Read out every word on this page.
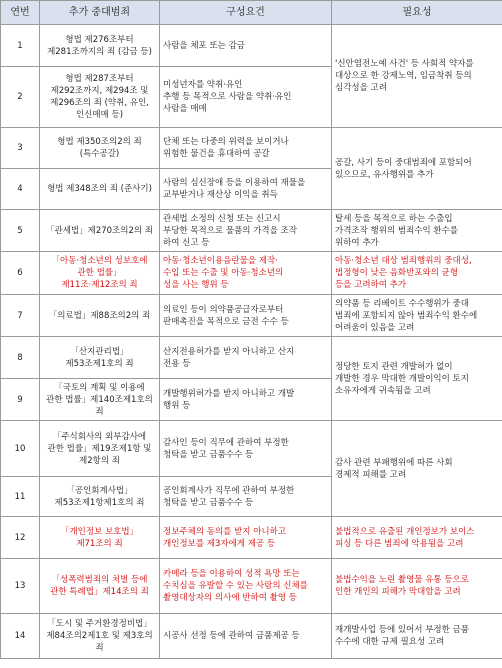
연번	추가 중대범죄	구성요건	필요성
1	형법 제276조부터
제281조까지의 죄 (감금 등)	사람을 체포 또는 감금	'신안염전노예 사건' 등 사회적 약자를
대상으로 한 강제노역, 임금착취 등의
심각성을 고려
2	형법 제287조부터
제292조까지, 제294조 및
제296조의 죄 (약취, 유인,
인신매매 등)	미성년자를 약취·유인
추행 등 목적으로 사람을 약취·유인
사람을 매매	
3	형법 제350조의2의 죄
(특수공갈)	단체 또는 다중의 위력을 보이거나
위험한 물건을 휴대하여 공갈	공갈, 사기 등이 중대범죄에 포함되어
있으므로, 유사행위를 추가
4	형법 제348조의 죄 (준사기)	사람의 심신장애 등을 이용하여 재물을
교부받거나 재산상 이익을 취득	
5	「관세법」제270조의2의 죄	관세법 소정의 신청 또는 신고시
부당한 목적으로 물품의 가격을 조작
하여 신고 등	탈세 등을 목적으로 하는 수출입
가격조작 행위의 범죄수익 환수를
위하여 추가
6	「아동·청소년의 성보호에
관한 법률」
제11조·제12조의 죄	아동·청소년이용음란물을 제작·
수입 또는 수출 및 아동·청소년의
성을 사는 행위 등	아동·청소년 대상 범죄행위의 중대성,
법정형이 낮은 음화반포와의 균형
등을 고려하여 추가
7	「의료법」제88조의2의 죄	의료인 등이 의약품공급자로부터
판매촉진을 목적으로 금전 수수 등	의약품 등 리베이트 수수행위가 중대
범죄에 포함되지 않아 범죄수익 환수에
어려움이 있음을 고려
8	「산지관리법」
제53조제1호의 죄	산지전용허가를 받지 아니하고 산지
전용 등	정당한 토지 관련 개발허가 없이
개발한 경우 막대한 개발이익이 토지
소유자에게 귀속됨을 고려
9	「국토의 계획 및 이용에
관한 법률」제140조제1호의 죄	개발행위허가를 받지 아니하고 개발
행위 등	
10	「주식회사의 외부감사에
관한 법률」제19조제1항 및
제2항의 죄	감사인 등이 직무에 관하여 부정한
청탁을 받고 금품수수 등	감사 관련 부패행위에 따른 사회
경제적 피해를 고려
11	「공인회계사법」
제53조제1항제1호의 죄	공인회계사가 직무에 관하여 부정한
청탁을 받고 금품수수 등	
12	「개인정보 보호법」
제71조의 죄	정보주체의 동의를 받지 아니하고
개인정보를 제3자에게 제공 등	불법적으로 유출된 개인정보가 보이스
피싱 등 다른 범죄에 악용됨을 고려
13	「성폭력범죄의 처벌 등에
관한 특례법」제14조의 죄	카메라 등을 이용하여 성적 욕망 또는
수치심을 유발할 수 있는 사람의 신체를
촬영대상자의 의사에 반하여 촬영 등	불법수익을 노린 촬영물 유통 등으로
인한 개인의 피해가 막대함을 고려
14	「도시 및 주거환경정비법」
제84조의2제1호 및 제3호의 죄	시공사 선정 등에 관하여 금품제공 등	재개발사업 등에 있어서 부정한 금품
수수에 대한 규제 필요성 고려
